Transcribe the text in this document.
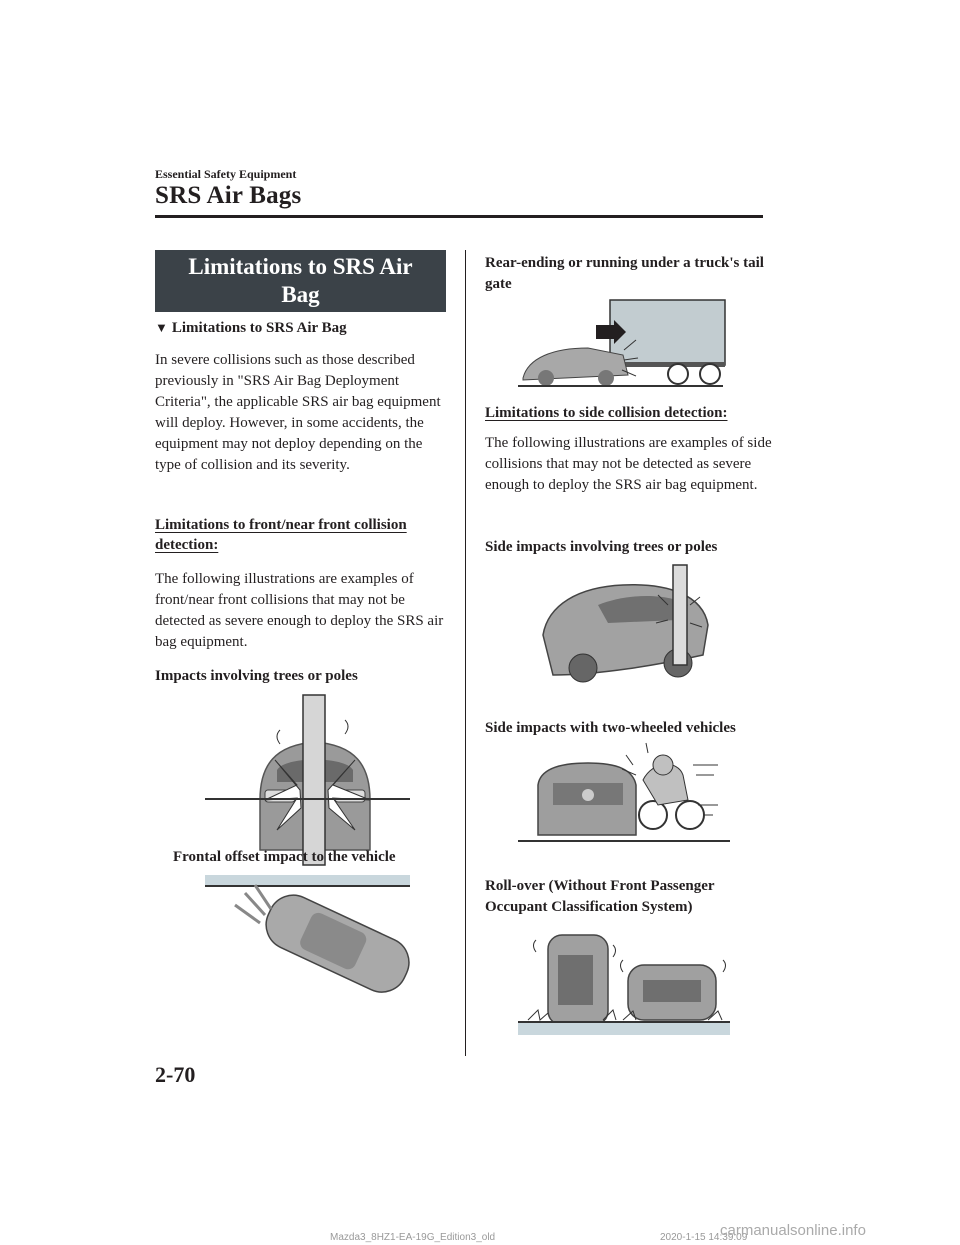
Essential Safety Equipment
SRS Air Bags
Limitations to SRS Air
Bag
▼ Limitations to SRS Air Bag
In severe collisions such as those described previously in "SRS Air Bag Deployment Criteria", the applicable SRS air bag equipment will deploy. However, in some accidents, the equipment may not deploy depending on the type of collision and its severity.
Limitations to front/near front collision detection:
The following illustrations are examples of front/near front collisions that may not be detected as severe enough to deploy the SRS air bag equipment.
Impacts involving trees or poles
Frontal offset impact to the vehicle
Rear-ending or running under a truck's tail gate
Limitations to side collision detection:
The following illustrations are examples of side collisions that may not be detected as severe enough to deploy the SRS air bag equipment.
Side impacts involving trees or poles
Side impacts with two-wheeled vehicles
Roll-over (Without Front Passenger Occupant Classification System)
2-70
Mazda3_8HZ1-EA-19G_Edition3_old	2020-1-15 14:39:09
carmanualsonline.info
